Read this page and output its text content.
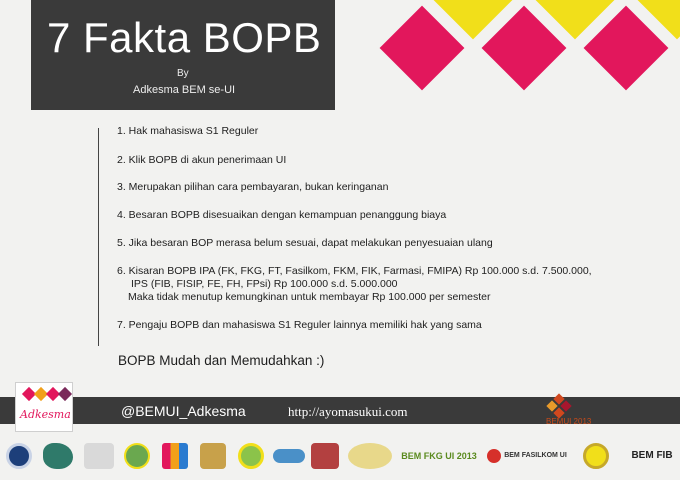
7 Fakta BOPB
By
Adkesma BEM se-UI
1. Hak mahasiswa S1 Reguler
2. Klik BOPB di akun penerimaan UI
3. Merupakan pilihan cara pembayaran, bukan keringanan
4. Besaran BOPB disesuaikan dengan kemampuan penanggung biaya
5. Jika besaran BOP merasa belum sesuai, dapat melakukan penyesuaian ulang
6. Kisaran BOPB IPA (FK, FKG, FT, Fasilkom, FKM, FIK, Farmasi, FMIPA) Rp 100.000 s.d. 7.500.000,
IPS (FIB, FISIP, FE, FH, FPsi) Rp 100.000 s.d. 5.000.000
Maka tidak menutup kemungkinan untuk membayar Rp 100.000 per semester
7. Pengaju BOPB dan mahasiswa S1 Reguler lainnya memiliki hak yang sama
BOPB Mudah dan Memudahkan :)
@BEMUI_Adkesma	http://ayomasukui.com
Adkesma
BEMUI 2013
BEM FKG UI 2013	BEM FASILKOM UI	BEM FIB
